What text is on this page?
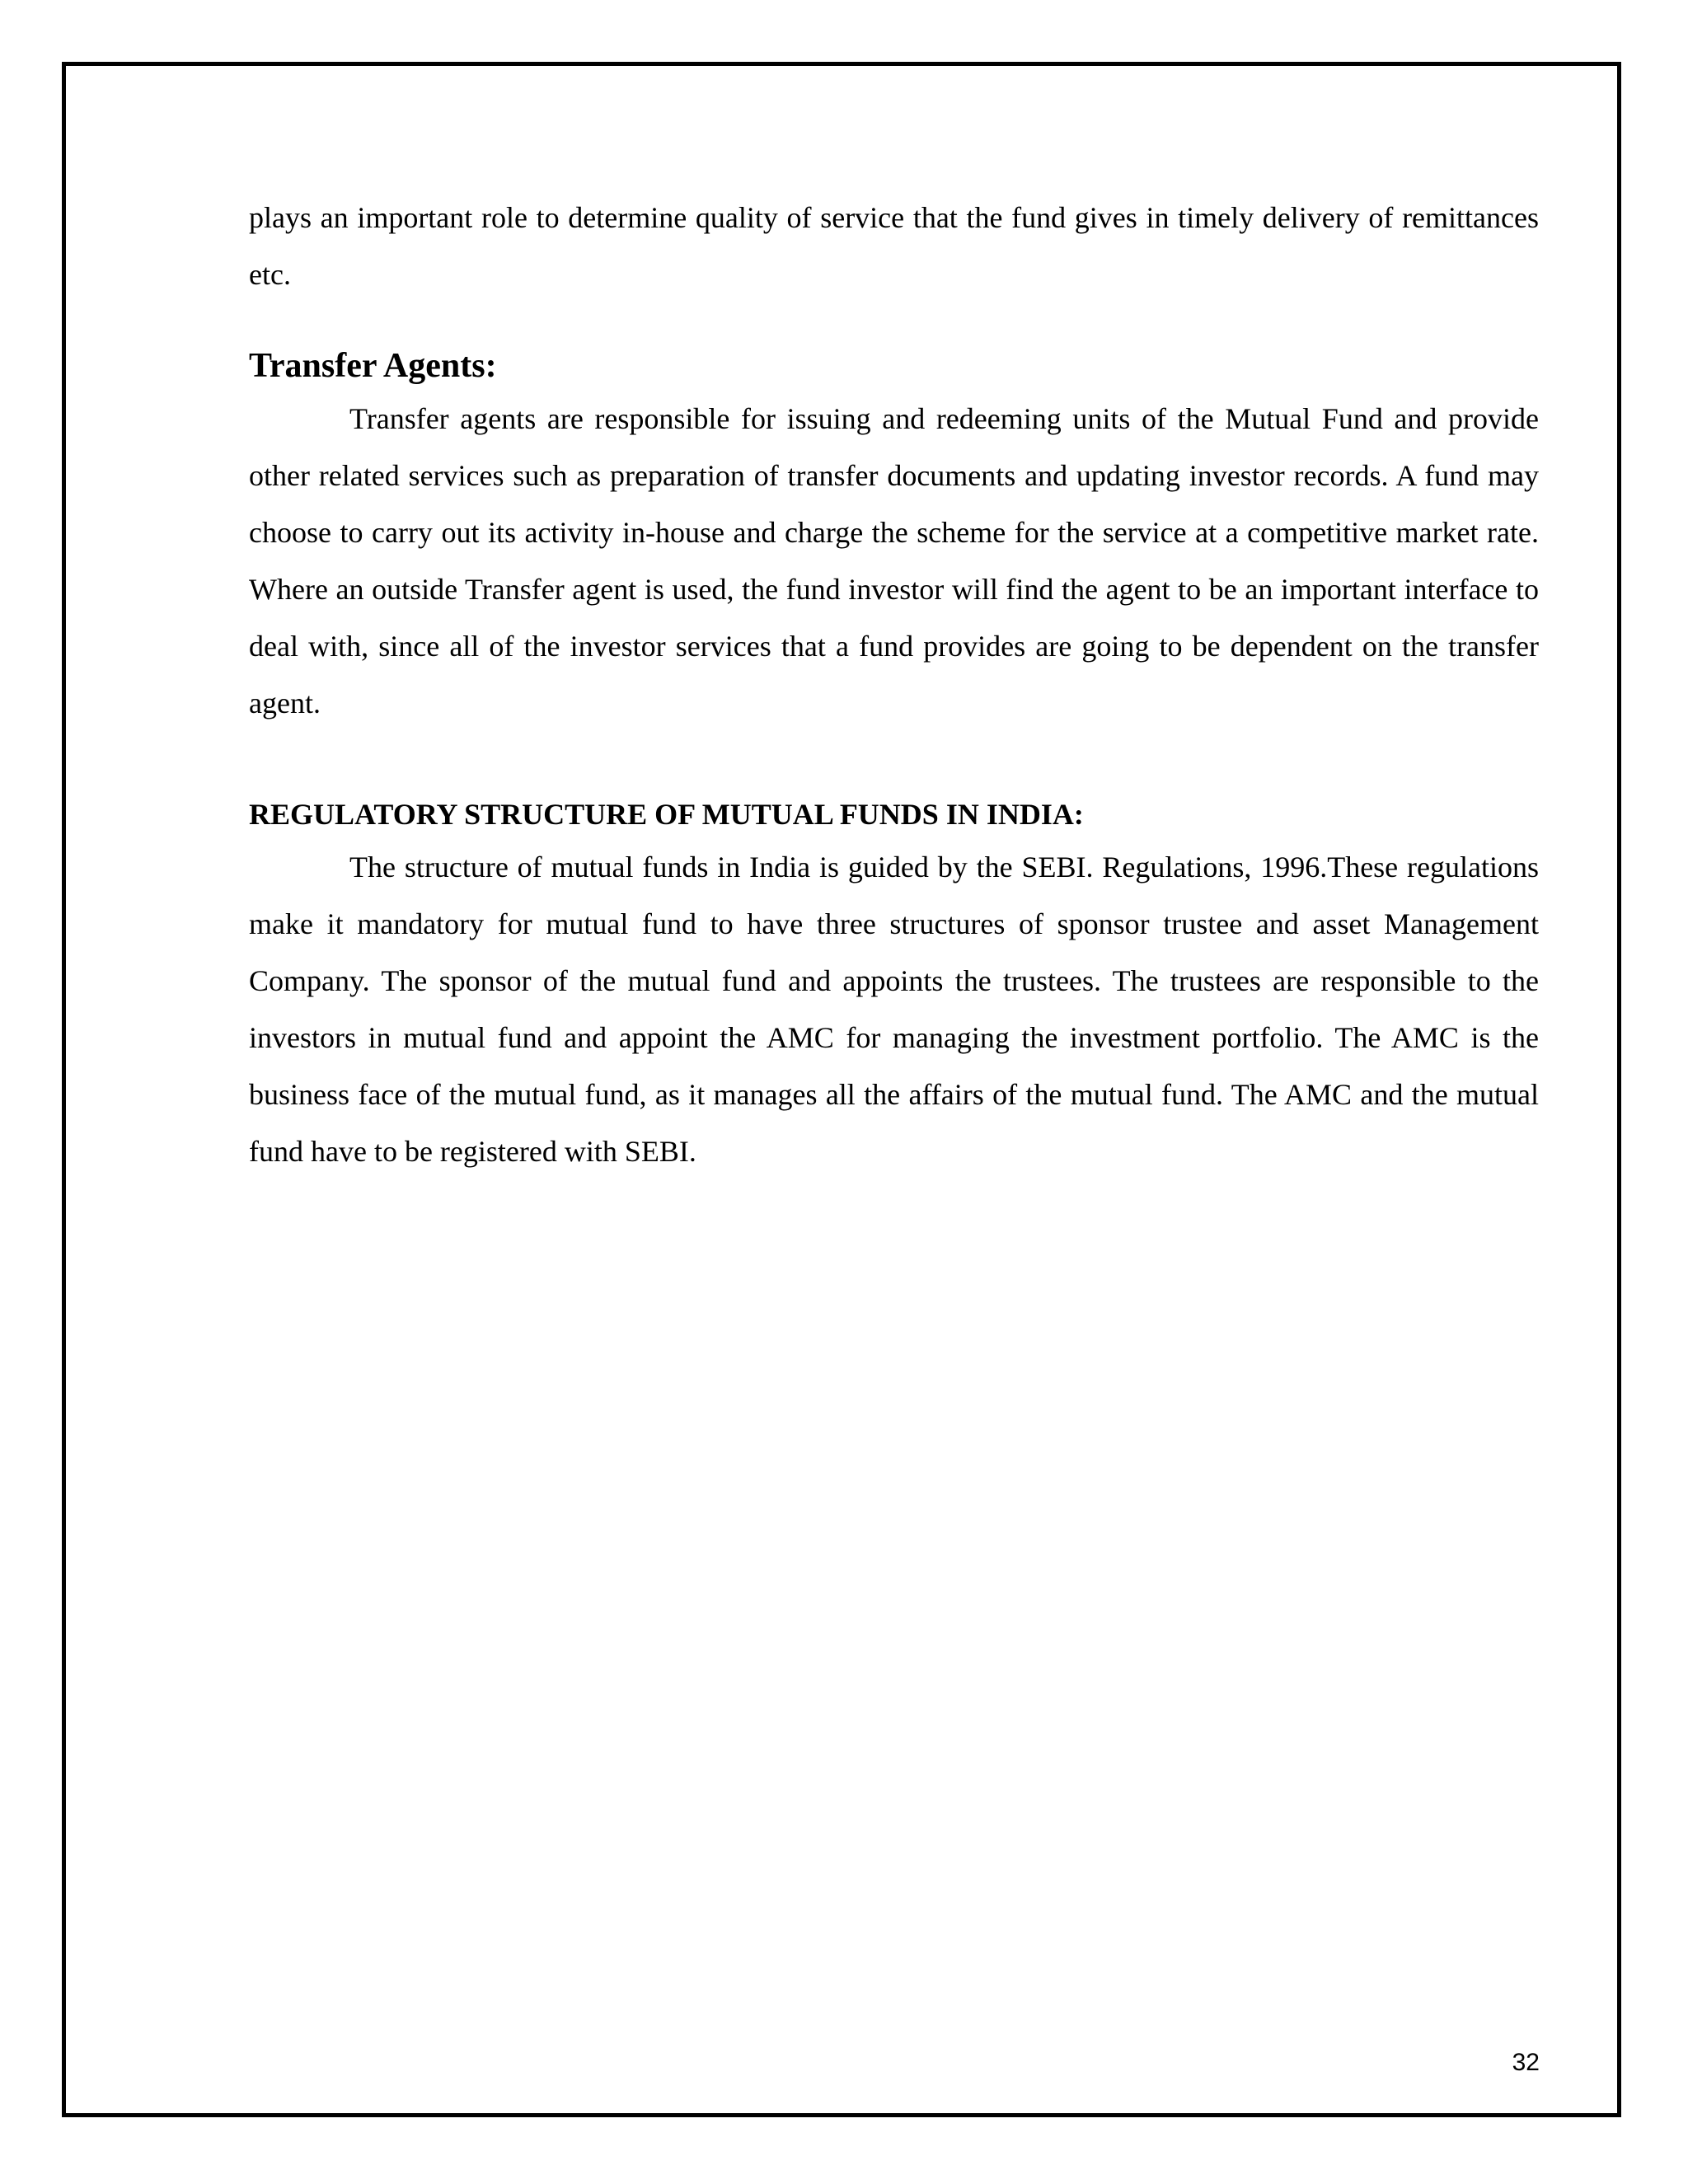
plays an important role to determine quality of service that the fund gives in timely delivery of remittances etc.

Transfer Agents:

Transfer agents are responsible for issuing and redeeming units of the Mutual Fund and provide other related services such as preparation of transfer documents and updating investor records. A fund may choose to carry out its activity in-house and charge the scheme for the service at a competitive market rate. Where an outside Transfer agent is used, the fund investor will find the agent to be an important interface to deal with, since all of the investor services that a fund provides are going to be dependent on the transfer agent.

REGULATORY STRUCTURE OF MUTUAL FUNDS IN INDIA:

The structure of mutual funds in India is guided by the SEBI. Regulations, 1996.These regulations make it mandatory for mutual fund to have three structures of sponsor trustee and asset Management Company. The sponsor of the mutual fund and appoints the trustees. The trustees are responsible to the investors in mutual fund and appoint the AMC for managing the investment portfolio. The AMC is the business face of the mutual fund, as it manages all the affairs of the mutual fund. The AMC and the mutual fund have to be registered with SEBI.

32
